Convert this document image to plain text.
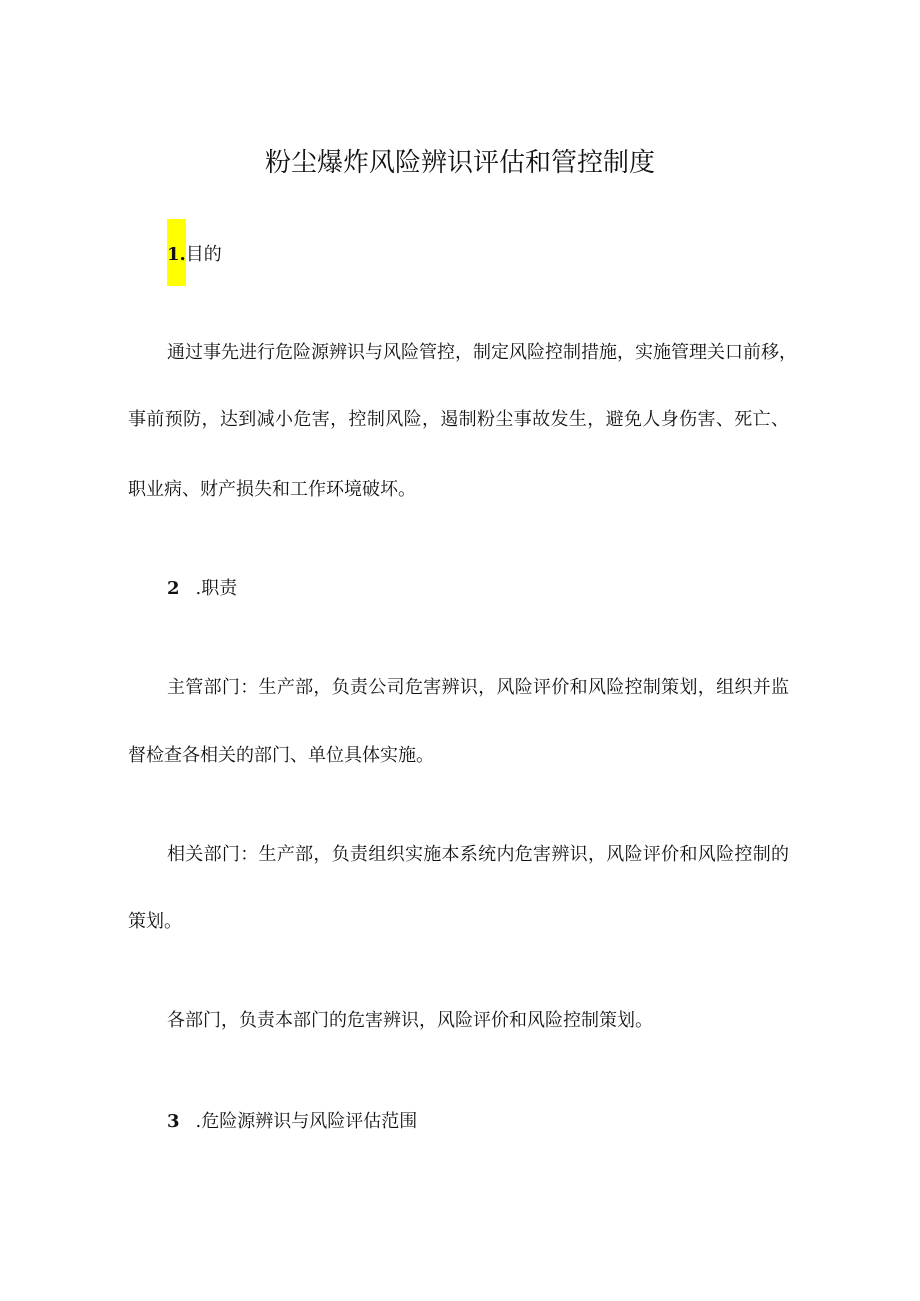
粉尘爆炸风险辨识评估和管控制度
1.目的

通过事先进行危险源辨识与风险管控，制定风险控制措施，实施管理关口前移，

事前预防，达到减小危害，控制风险，遏制粉尘事故发生，避免人身伤害、死亡、

职业病、财产损失和工作环境破坏。

2 .职责

主管部门：生产部，负责公司危害辨识，风险评价和风险控制策划，组织并监

督检查各相关的部门、单位具体实施。

相关部门：生产部，负责组织实施本系统内危害辨识，风险评价和风险控制的

策划。

各部门，负责本部门的危害辨识，风险评价和风险控制策划。

3 .危险源辨识与风险评估范围
